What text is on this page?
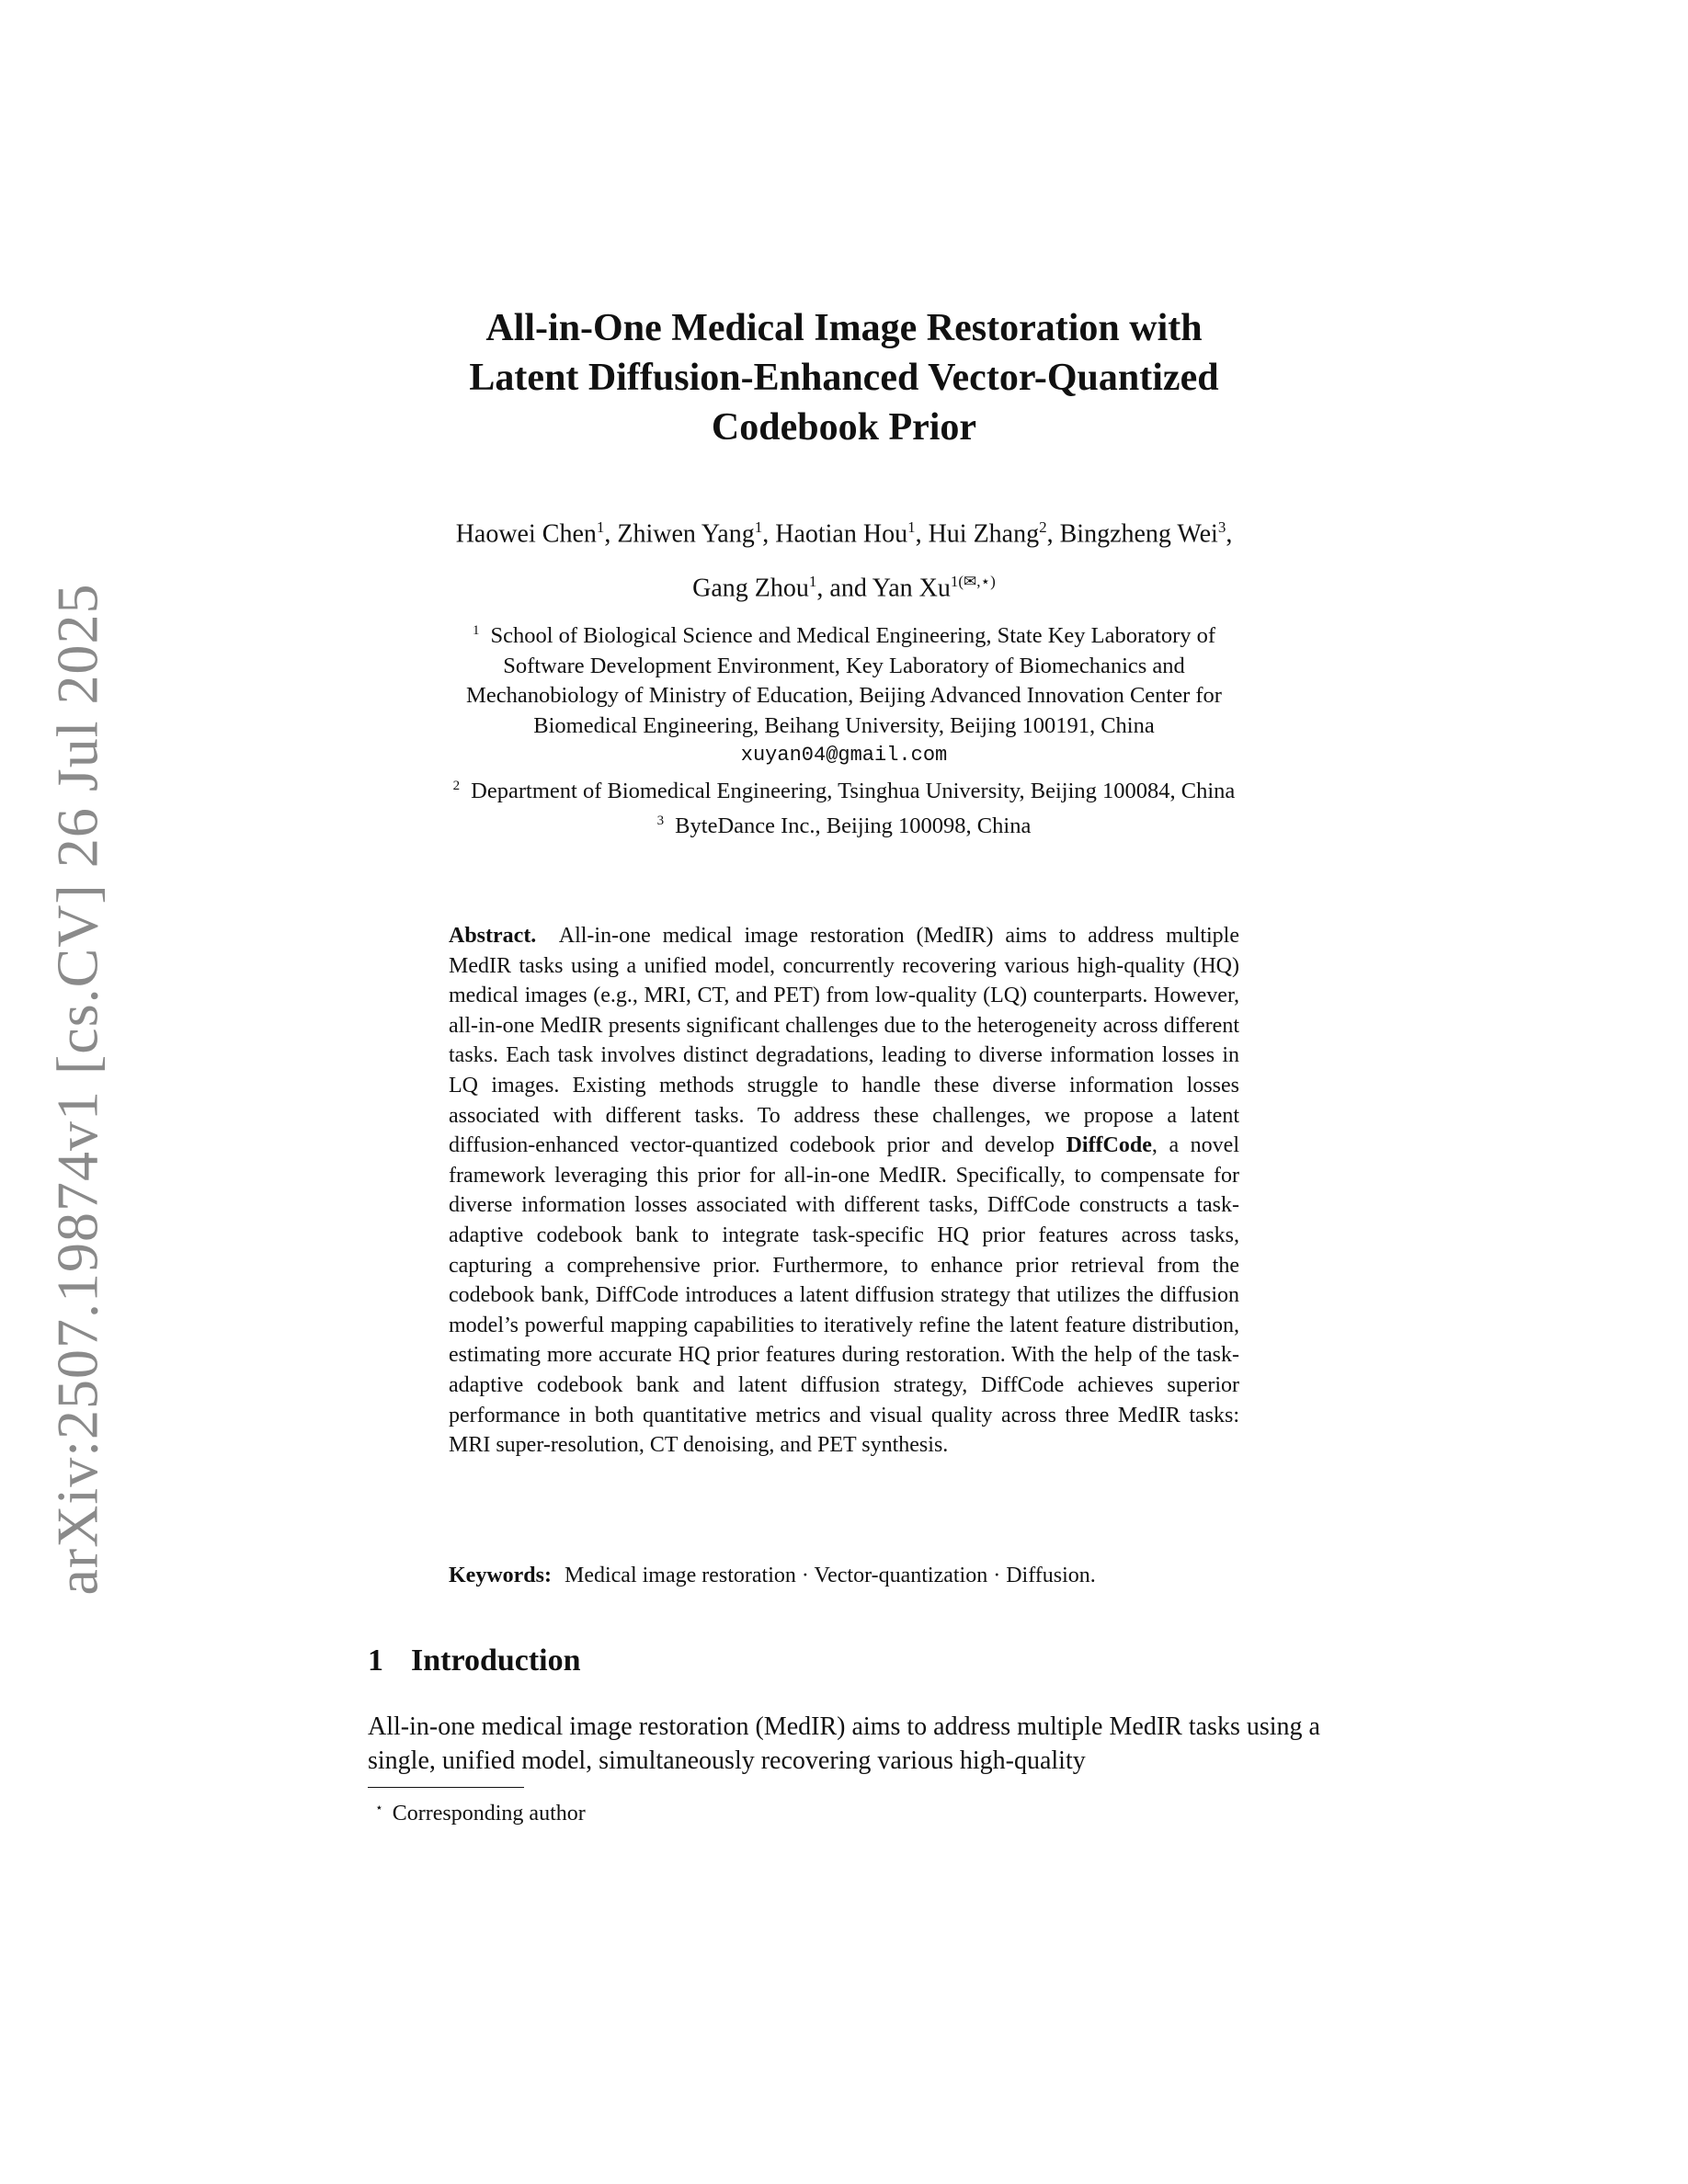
arXiv:2507.19874v1 [cs.CV] 26 Jul 2025
All-in-One Medical Image Restoration with
Latent Diffusion-Enhanced Vector-Quantized
Codebook Prior
Haowei Chen$^1$, Zhiwen Yang$^1$, Haotian Hou$^1$, Hui Zhang$^2$, Bingzheng Wei$^3$,
Gang Zhou$^1$, and Yan $Xu^{1(✉,⋆)}$
$^1$ School of Biological Science and Medical Engineering, State Key Laboratory of
Software Development Environment, Key Laboratory of Biomechanics and
Mechanobiology of Ministry of Education, Beijing Advanced Innovation Center for
Biomedical Engineering, Beihang University, Beijing 100191, China
xuyan04@gmail.com
$^2$ Department of Biomedical Engineering, Tsinghua University, Beijing 100084, China
$^3$ ByteDance Inc., Beijing 100098, China

Abstract. All-in-one medical image restoration (MedIR) aims to address multiple MedIR tasks using a unified model, concurrently recovering various high-quality (HQ) medical images (e.g., MRI, CT, and PET) from low-quality (LQ) counterparts. However, all-in-one MedIR presents significant challenges due to the heterogeneity across different tasks. Each task involves distinct degradations, leading to diverse information losses in LQ images. Existing methods struggle to handle these diverse information losses associated with different tasks. To address these challenges, we propose a latent diffusion-enhanced vector-quantized codebook prior and develop DiffCode, a novel framework leveraging this prior for all-in-one MedIR. Specifically, to compensate for diverse information losses associated with different tasks, DiffCode constructs a task-adaptive codebook bank to integrate task-specific HQ prior features across tasks, capturing a comprehensive prior. Furthermore, to enhance prior retrieval from the codebook bank, DiffCode introduces a latent diffusion strategy that utilizes the diffusion model’s powerful mapping capabilities to iteratively refine the latent feature distribution, estimating more accurate HQ prior features during restoration. With the help of the task-adaptive codebook bank and latent diffusion strategy, DiffCode achieves superior performance in both quantitative metrics and visual quality across three MedIR tasks: MRI super-resolution, CT denoising, and PET synthesis.

Keywords: Medical image restoration · Vector-quantization · Diffusion.
1 Introduction

All-in-one medical image restoration (MedIR) aims to address multiple MedIR tasks using a single, unified model, simultaneously recovering various high-quality

⋆ Corresponding author
